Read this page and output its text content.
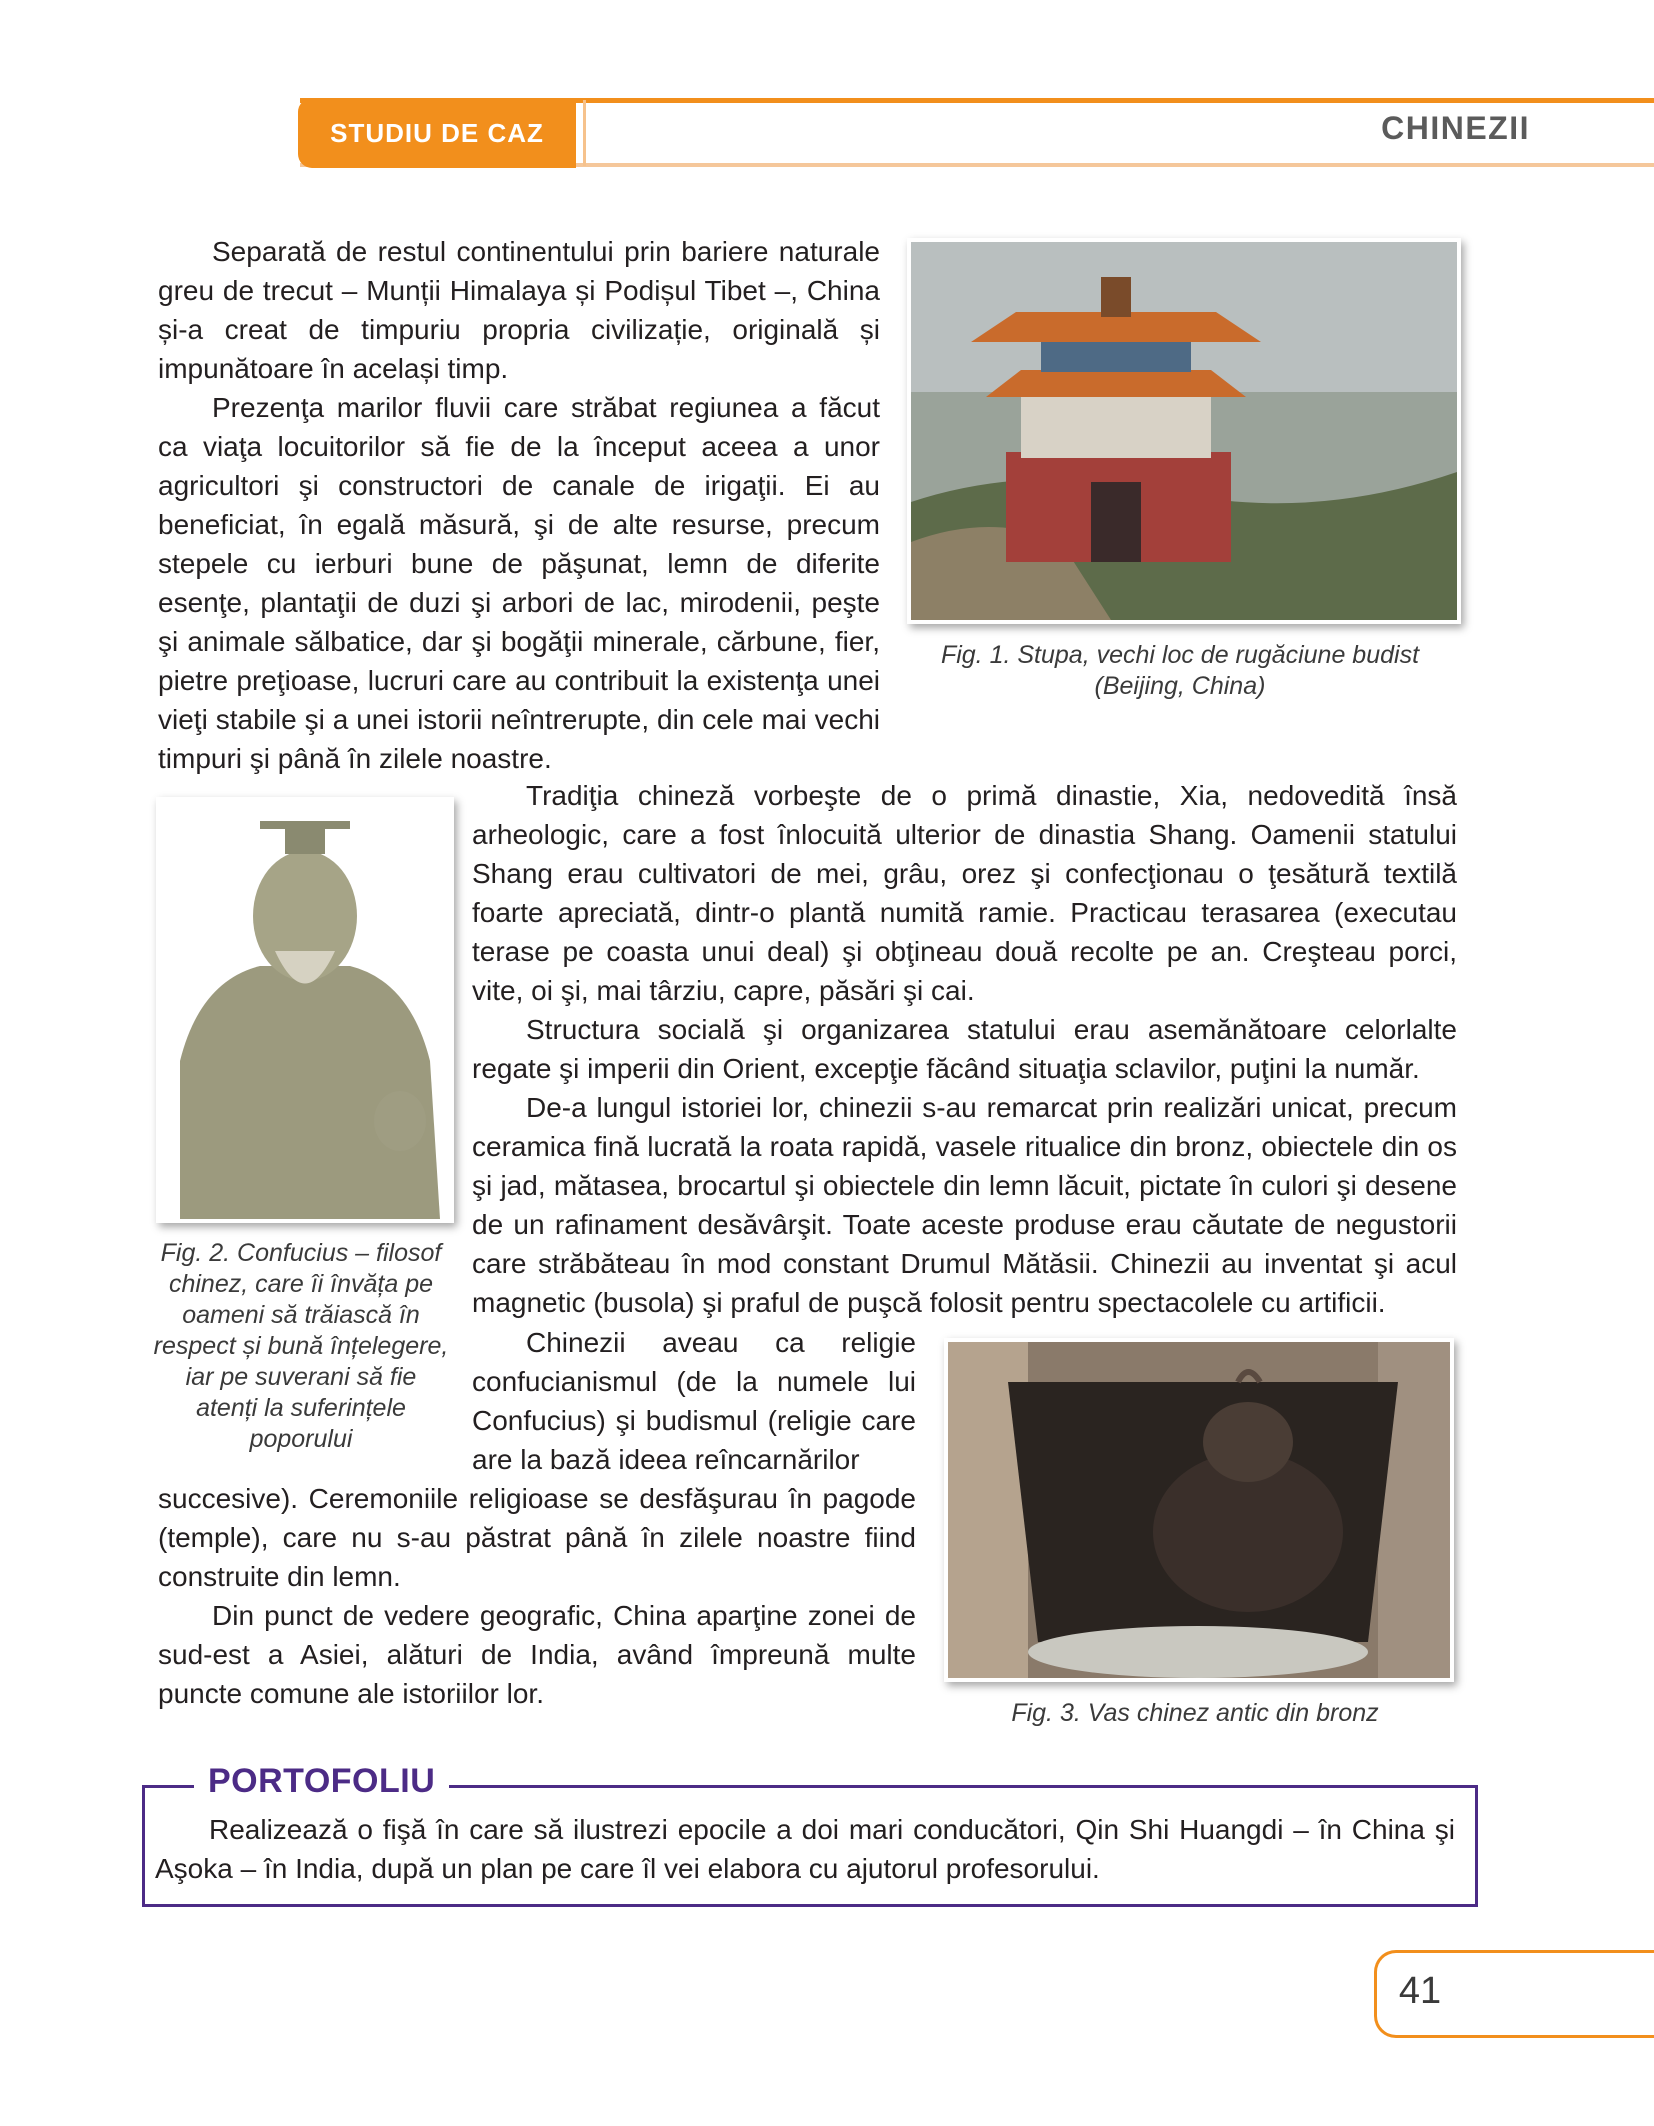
STUDIU DE CAZ	CHINEZII

Separată de restul continentului prin bariere naturale greu de trecut – Munții Himalaya și Podișul Tibet –, China și-a creat de timpuriu propria civilizație, originală și impunătoare în același timp.

Prezenţa marilor fluvii care străbat regiunea a făcut ca viaţa locuitorilor să fie de la început aceea a unor agricultori şi constructori de canale de irigaţii. Ei au beneficiat, în egală măsură, şi de alte resurse, precum stepele cu ierburi bune de păşunat, lemn de diferite esenţe, plantaţii de duzi şi arbori de lac, mirodenii, peşte şi animale sălbatice, dar şi bogăţii minerale, cărbune, fier, pietre preţioase, lucruri care au contribuit la existenţa unei vieţi stabile şi a unei istorii neîntrerupte, din cele mai vechi timpuri şi până în zilele noastre.

Fig. 1. Stupa, vechi loc de rugăciune budist (Beijing, China)
Fig. 2. Confucius – filosof chinez, care îi învăța pe oameni să trăiască în respect și bună înțelegere, iar pe suverani să fie atenți la suferințele poporului

Tradiţia chineză vorbeşte de o primă dinastie, Xia, nedovedită însă arheologic, care a fost înlocuită ulterior de dinastia Shang. Oamenii statului Shang erau cultivatori de mei, grâu, orez şi confecţionau o ţesătură textilă foarte apreciată, dintr-o plantă numită ramie. Practicau terasarea (executau terase pe coasta unui deal) şi obţineau două recolte pe an. Creşteau porci, vite, oi şi, mai târziu, capre, păsări şi cai.

Structura socială şi organizarea statului erau asemănătoare celorlalte regate şi imperii din Orient, excepţie făcând situaţia sclavilor, puţini la număr.

De-a lungul istoriei lor, chinezii s-au remarcat prin realizări unicat, precum ceramica fină lucrată la roata rapidă, vasele ritualice din bronz, obiectele din os şi jad, mătasea, brocartul şi obiectele din lemn lăcuit, pictate în culori şi desene de un rafinament desăvârşit. Toate aceste produse erau căutate de negustorii care străbăteau în mod constant Drumul Mătăsii. Chinezii au inventat şi acul magnetic (busola) şi praful de puşcă folosit pentru spectacolele cu artificii.

Chinezii aveau ca religie confucianismul (de la numele lui Confucius) şi budismul (religie care are la bază ideea reîncarnărilor

succesive). Ceremoniile religioase se desfăşurau în pagode (temple), care nu s-au păstrat până în zilele noastre fiind construite din lemn.

Din punct de vedere geografic, China aparţine zonei de sud-est a Asiei, alături de India, având împreună multe puncte comune ale istoriilor lor.

Fig. 3. Vas chinez antic din bronz
PORTOFOLIU

Realizează o fişă în care să ilustrezi epocile a doi mari conducători, Qin Shi Huangdi – în China şi Aşoka – în India, după un plan pe care îl vei elabora cu ajutorul profesorului.

41
